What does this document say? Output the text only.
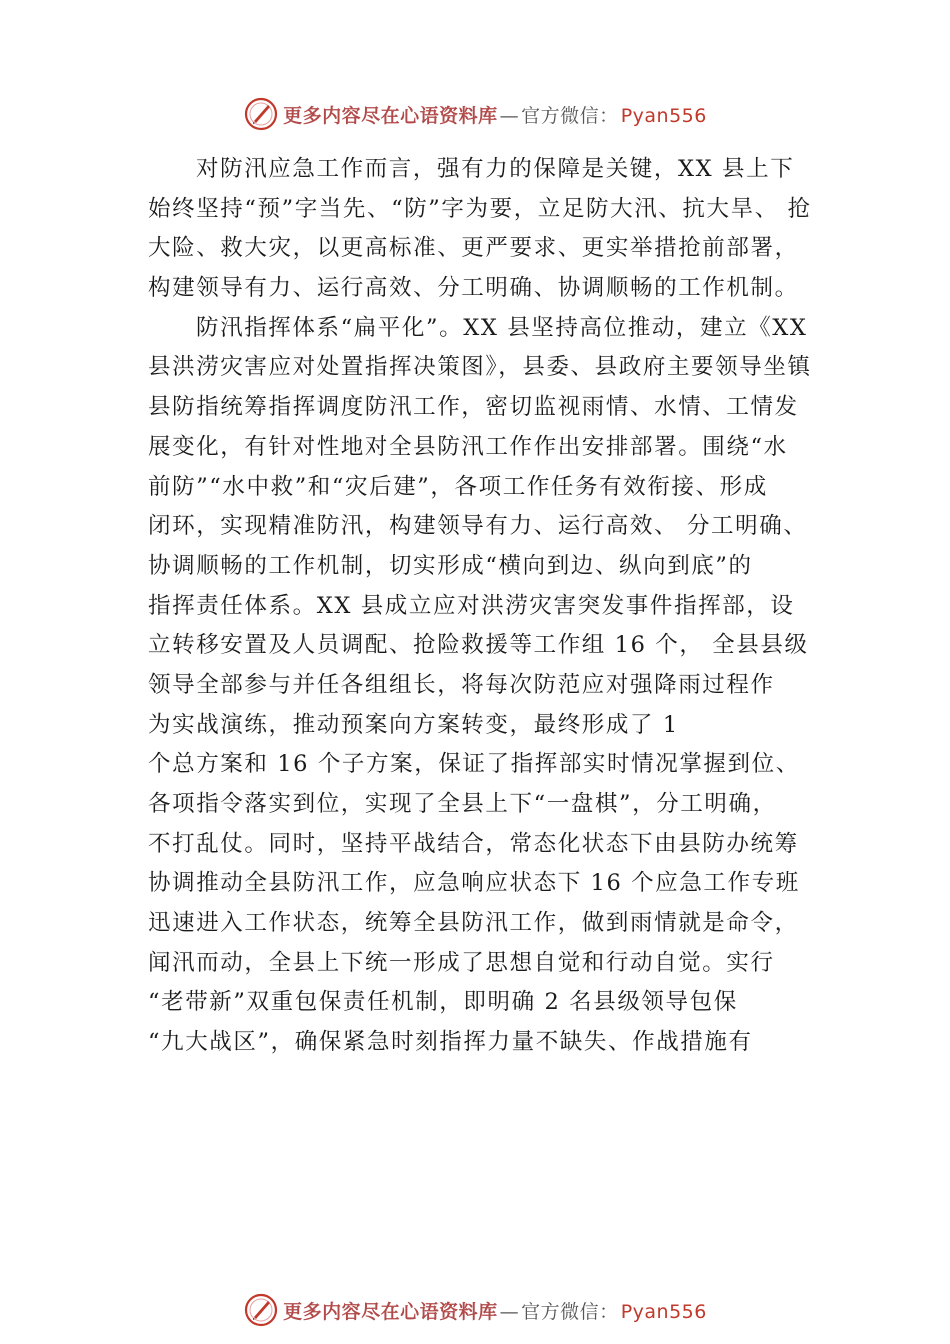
更多内容尽在心语资料库 — 官方微信： Pyan556
对防汛应急工作而言，强有力的保障是关键，XX 县上下
始终坚持“预”字当先、“防”字为要，立足防大汛、抗大旱、 抢
大险、救大灾，以更高标准、更严要求、更实举措抢前部署，
构建领导有力、运行高效、分工明确、协调顺畅的工作机制。
防汛指挥体系“扁平化”。XX 县坚持高位推动，建立《XX
县洪涝灾害应对处置指挥决策图》，县委、县政府主要领导坐镇
县防指统筹指挥调度防汛工作，密切监视雨情、水情、工情发
展变化，有针对性地对全县防汛工作作出安排部署。围绕“水
前防”“水中救”和“灾后建”，各项工作任务有效衔接、形成
闭环，实现精准防汛，构建领导有力、运行高效、 分工明确、
协调顺畅的工作机制，切实形成“横向到边、纵向到底”的
指挥责任体系。XX 县成立应对洪涝灾害突发事件指挥部，设
立转移安置及人员调配、抢险救援等工作组 16 个， 全县县级
领导全部参与并任各组组长，将每次防范应对强降雨过程作
为实战演练，推动预案向方案转变，最终形成了 1
个总方案和 16 个子方案，保证了指挥部实时情况掌握到位、
各项指令落实到位，实现了全县上下“一盘棋”，分工明确，
不打乱仗。同时，坚持平战结合，常态化状态下由县防办统筹
协调推动全县防汛工作，应急响应状态下 16 个应急工作专班
迅速进入工作状态，统筹全县防汛工作，做到雨情就是命令，
闻汛而动，全县上下统一形成了思想自觉和行动自觉。实行
“老带新”双重包保责任机制，即明确 2 名县级领导包保
“九大战区”，确保紧急时刻指挥力量不缺失、作战措施有
更多内容尽在心语资料库 — 官方微信： Pyan556
